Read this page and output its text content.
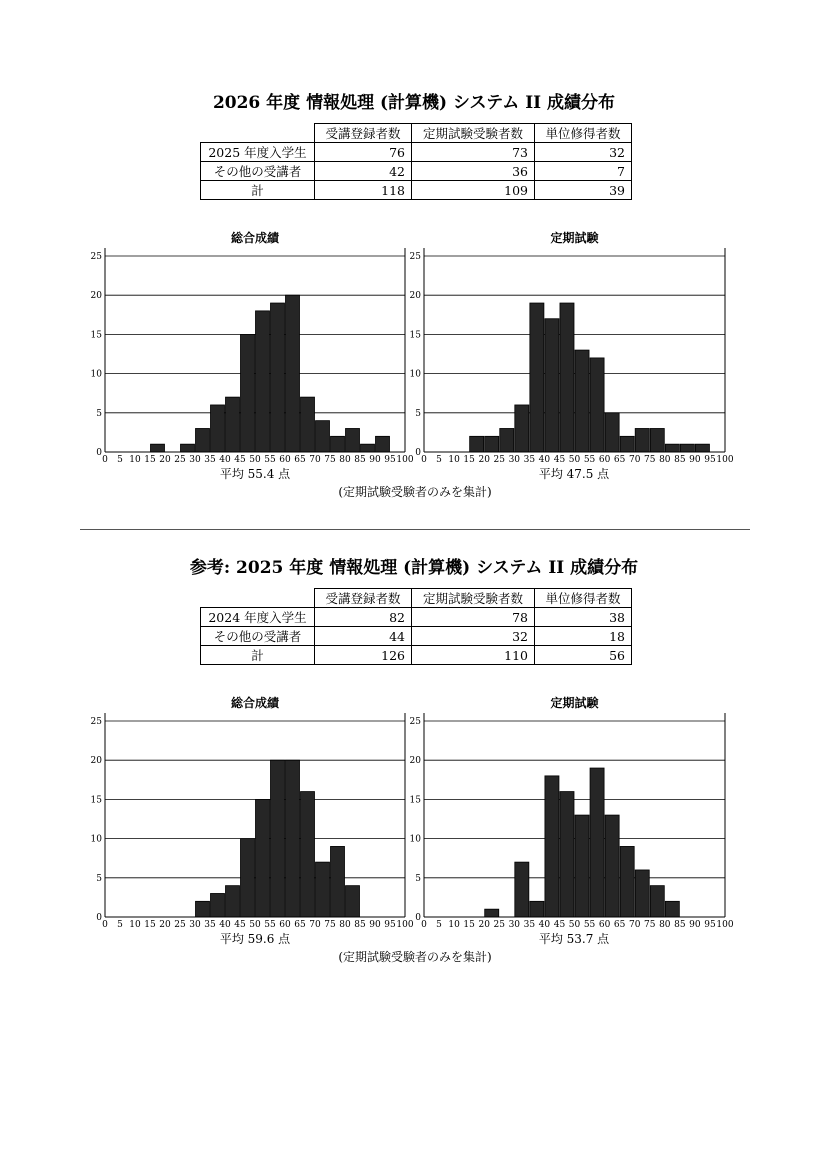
2026 年度 情報処理 (計算機) システム II 成績分布
	受講登録者数	定期試験受験者数	単位修得者数
2025 年度入学生	76	73	32
その他の受講者	42	36	7
計	118	109	39
総合成績
0
5
10
15
20
25
0 5 10 15 20 25 30 35 40 45 50 55 60 65 70 75 80 85 90 95 100
平均 55.4 点
(定期試験受験者のみを集計)
定期試験
0
5
10
15
20
25
0 5 10 15 20 25 30 35 40 45 50 55 60 65 70 75 80 85 90 95 100
平均 47.5 点
参考: 2025 年度 情報処理 (計算機) システム II 成績分布
	受講登録者数	定期試験受験者数	単位修得者数
2024 年度入学生	82	78	38
その他の受講者	44	32	18
計	126	110	56
総合成績
0
5
10
15
20
25
0 5 10 15 20 25 30 35 40 45 50 55 60 65 70 75 80 85 90 95 100
平均 59.6 点
(定期試験受験者のみを集計)
定期試験
0
5
10
15
20
25
0 5 10 15 20 25 30 35 40 45 50 55 60 65 70 75 80 85 90 95 100
平均 53.7 点
